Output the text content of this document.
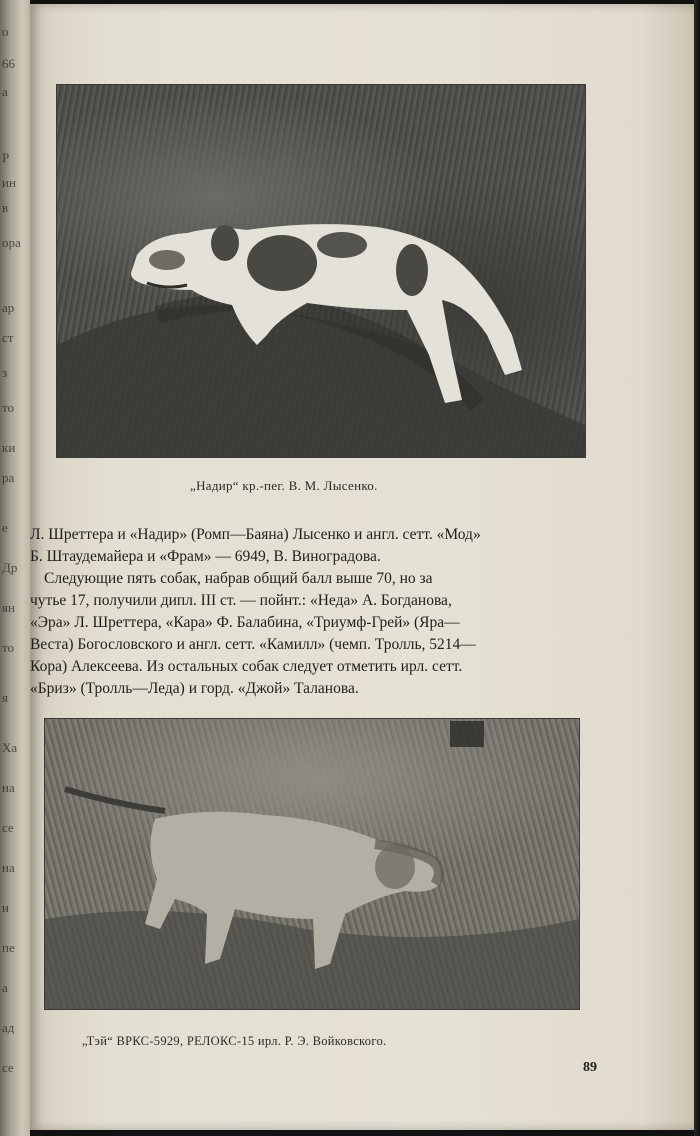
о
66
а
Р
ин
в
ора
ар
ст
з
то
ки
ра
е
Др
ян
то
я
Ха
на
се
на
и
пе
а
ад
се
„Надир“ кр.-пег. В. М. Лысенко.
Л. Шреттера и «Надир» (Ромп—Баяна) Лысенко и англ. сетт. «Мод»
Б. Штаудемайера и «Фрам» — 6949, В. Виноградова.
Следующие пять собак, набрав общий балл выше 70, но за
чутье 17, получили дипл. III ст. — пойнт.: «Неда» А. Богданова,
«Эра» Л. Шреттера, «Кара» Ф. Балабина, «Триумф-Грей» (Яра—
Веста) Богословского и англ. сетт. «Камилл» (чемп. Тролль, 5214—
Кора) Алексеева. Из остальных собак следует отметить ирл. сетт.
«Бриз» (Тролль—Леда) и горд. «Джой» Таланова.
„Тэй“ ВРКС-5929, РЕЛОКС-15 ирл. Р. Э. Войковского.
89
